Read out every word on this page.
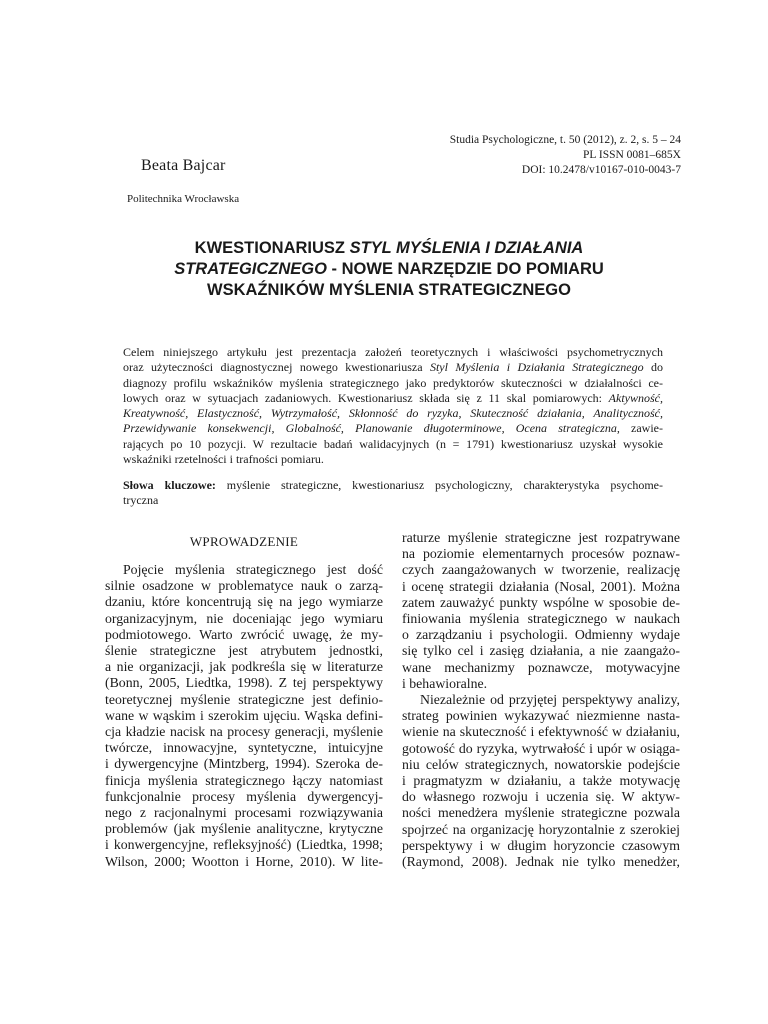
Studia Psychologiczne, t. 50 (2012), z. 2, s. 5 – 24
PL ISSN 0081–685X
DOI: 10.2478/v10167-010-0043-7
Beata Bajcar
Politechnika Wrocławska
KWESTIONARIUSZ STYL MYŚLENIA I DZIAŁANIA
STRATEGICZNEGO - NOWE NARZĘDZIE DO POMIARU
WSKAŹNIKÓW MYŚLENIA STRATEGICZNEGO
Celem niniejszego artykułu jest prezentacja założeń teoretycznych i właściwości psychometrycznych
oraz użyteczności diagnostycznej nowego kwestionariusza Styl Myślenia i Działania Strategicznego do
diagnozy profilu wskaźników myślenia strategicznego jako predyktorów skuteczności w działalności ce-
lowych oraz w sytuacjach zadaniowych. Kwestionariusz składa się z 11 skal pomiarowych: Aktywność,
Kreatywność, Elastyczność, Wytrzymałość, Skłonność do ryzyka, Skuteczność działania, Analityczność,
Przewidywanie konsekwencji, Globalność, Planowanie długoterminowe, Ocena strategiczna, zawie-
rających po 10 pozycji. W rezultacie badań walidacyjnych (n = 1791) kwestionariusz uzyskał wysokie
wskaźniki rzetelności i trafności pomiaru.
Słowa kluczowe: myślenie strategiczne, kwestionariusz psychologiczny, charakterystyka psychome-
tryczna
WPROWADZENIE
Pojęcie myślenia strategicznego jest dość
silnie osadzone w problematyce nauk o zarzą-
dzaniu, które koncentrują się na jego wymiarze
organizacyjnym, nie doceniając jego wymiaru
podmiotowego. Warto zwrócić uwagę, że my-
ślenie strategiczne jest atrybutem jednostki,
a nie organizacji, jak podkreśla się w literaturze
(Bonn, 2005, Liedtka, 1998). Z tej perspektywy
teoretycznej myślenie strategiczne jest definio-
wane w wąskim i szerokim ujęciu. Wąska defini-
cja kładzie nacisk na procesy generacji, myślenie
twórcze, innowacyjne, syntetyczne, intuicyjne
i dywergencyjne (Mintzberg, 1994). Szeroka de-
finicja myślenia strategicznego łączy natomiast
funkcjonalnie procesy myślenia dywergencyj-
nego z racjonalnymi procesami rozwiązywania
problemów (jak myślenie analityczne, krytyczne
i konwergencyjne, refleksyjność) (Liedtka, 1998;
Wilson, 2000; Wootton i Horne, 2010). W lite-
raturze myślenie strategiczne jest rozpatrywane
na poziomie elementarnych procesów poznaw-
czych zaangażowanych w tworzenie, realizację
i ocenę strategii działania (Nosal, 2001). Można
zatem zauważyć punkty wspólne w sposobie de-
finiowania myślenia strategicznego w naukach
o zarządzaniu i psychologii. Odmienny wydaje
się tylko cel i zasięg działania, a nie zaangażo-
wane mechanizmy poznawcze, motywacyjne
i behawioralne.
Niezależnie od przyjętej perspektywy analizy,
strateg powinien wykazywać niezmienne nasta-
wienie na skuteczność i efektywność w działaniu,
gotowość do ryzyka, wytrwałość i upór w osiąga-
niu celów strategicznych, nowatorskie podejście
i pragmatyzm w działaniu, a także motywację
do własnego rozwoju i uczenia się. W aktyw-
ności menedżera myślenie strategiczne pozwala
spojrzeć na organizację horyzontalnie z szerokiej
perspektywy i w długim horyzoncie czasowym
(Raymond, 2008). Jednak nie tylko menedżer,
